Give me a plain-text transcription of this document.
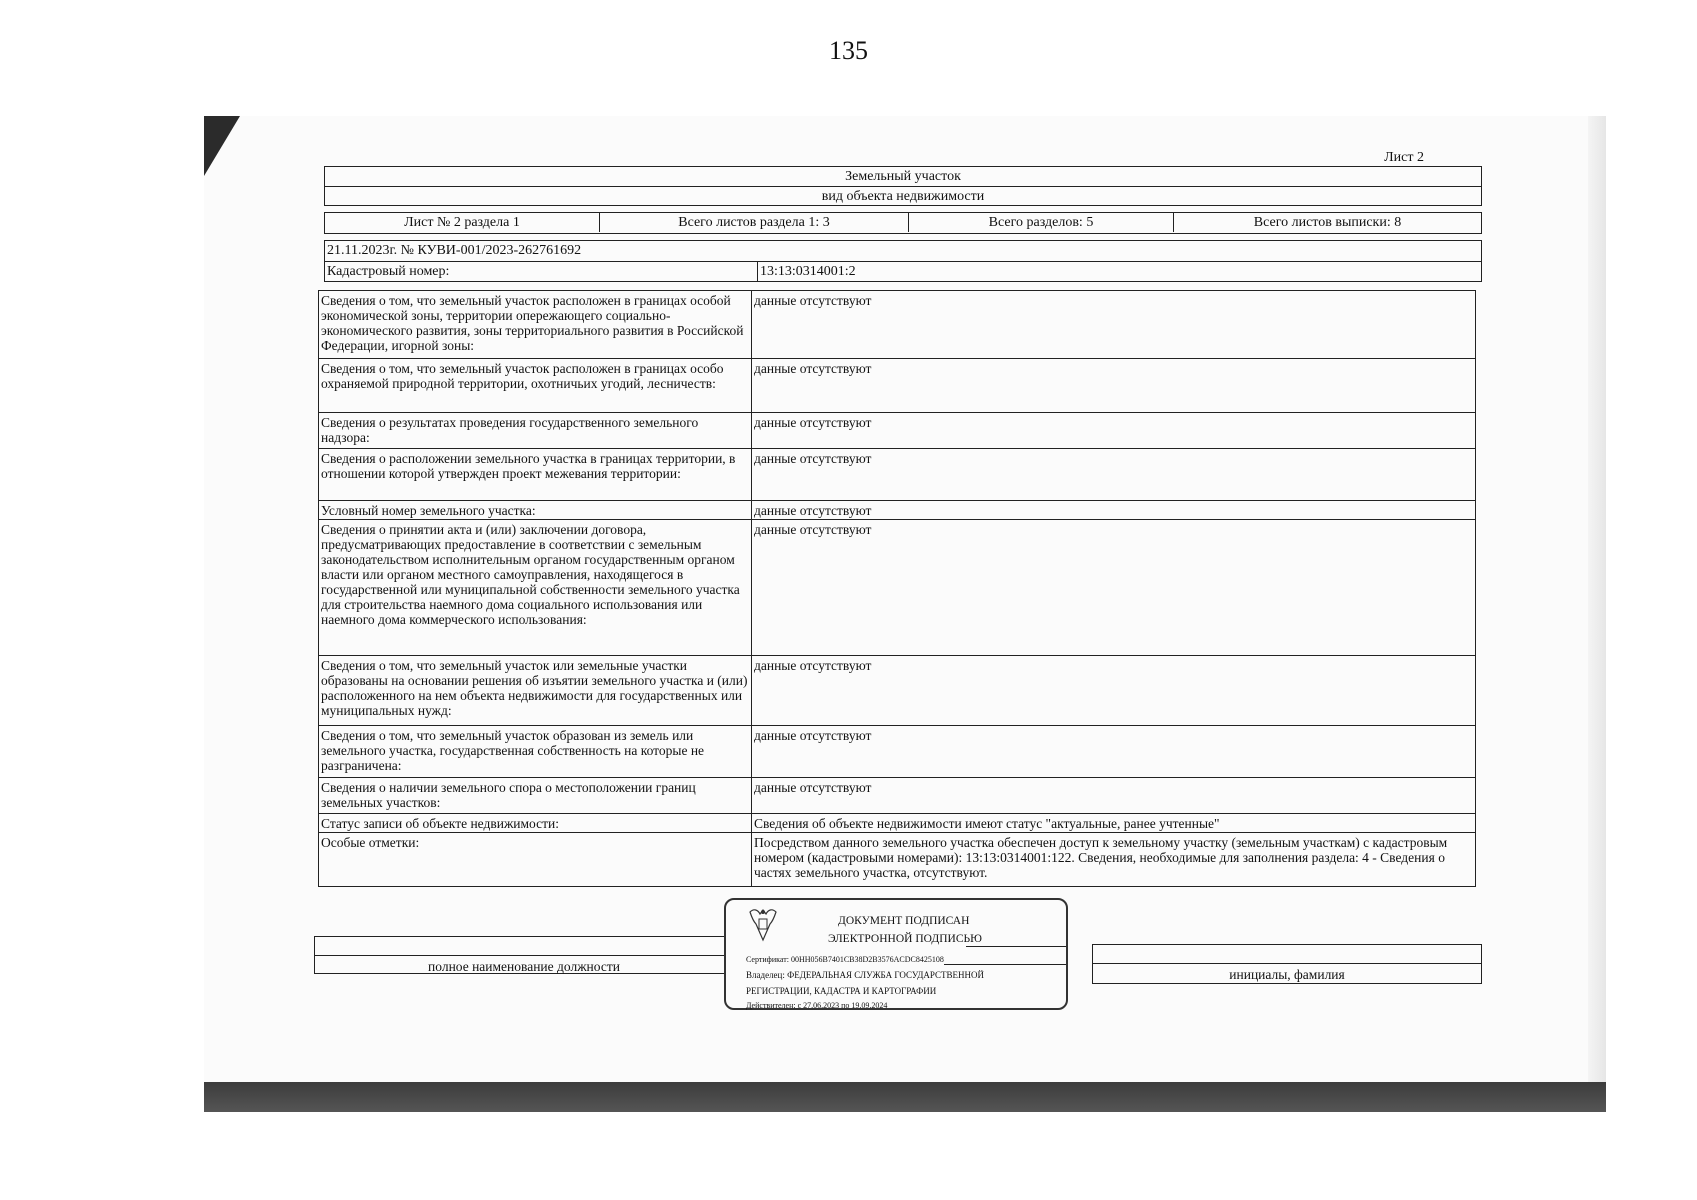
135
Лист 2
Земельный участок
вид объекта недвижимости
Лист № 2 раздела 1	Всего листов раздела 1: 3	Всего разделов: 5	Всего листов выписки: 8
21.11.2023г. № КУВИ-001/2023-262761692
Кадастровый номер:	13:13:0314001:2
Сведения о том, что земельный участок расположен в границах особой экономической зоны, территории опережающего социально-экономического развития, зоны территориального развития в Российской Федерации, игорной зоны:	данные отсутствуют
Сведения о том, что земельный участок расположен в границах особо охраняемой природной территории, охотничьих угодий, лесничеств:	данные отсутствуют
Сведения о результатах проведения государственного земельного надзора:	данные отсутствуют
Сведения о расположении земельного участка в границах территории, в отношении которой утвержден проект межевания территории:	данные отсутствуют
Условный номер земельного участка:	данные отсутствуют
Сведения о принятии акта и (или) заключении договора, предусматривающих предоставление в соответствии с земельным законодательством исполнительным органом государственным органом власти или органом местного самоуправления, находящегося в государственной или муниципальной собственности земельного участка для строительства наемного дома социального использования или наемного дома коммерческого использования:	данные отсутствуют
Сведения о том, что земельный участок или земельные участки образованы на основании решения об изъятии земельного участка и (или) расположенного на нем объекта недвижимости для государственных или муниципальных нужд:	данные отсутствуют
Сведения о том, что земельный участок образован из земель или земельного участка, государственная собственность на которые не разграничена:	данные отсутствуют
Сведения о наличии земельного спора о местоположении границ земельных участков:	данные отсутствуют
Статус записи об объекте недвижимости:	Сведения об объекте недвижимости имеют статус "актуальные, ранее учтенные"
Особые отметки:	Посредством данного земельного участка обеспечен доступ к земельному участку (земельным участкам) с кадастровым номером (кадастровыми номерами): 13:13:0314001:122. Сведения, необходимые для заполнения раздела: 4 - Сведения о частях земельного участка, отсутствуют.
полное наименование должности
инициалы, фамилия
ДОКУМЕНТ ПОДПИСАН
ЭЛЕКТРОННОЙ ПОДПИСЬЮ
Сертификат: 00НН056В7401СВ38D2В3576АCDC8425108
Владелец: ФЕДЕРАЛЬНАЯ СЛУЖБА ГОСУДАРСТВЕННОЙ
РЕГИСТРАЦИИ, КАДАСТРА И КАРТОГРАФИИ
Действителен: с 27.06.2023 по 19.09.2024
